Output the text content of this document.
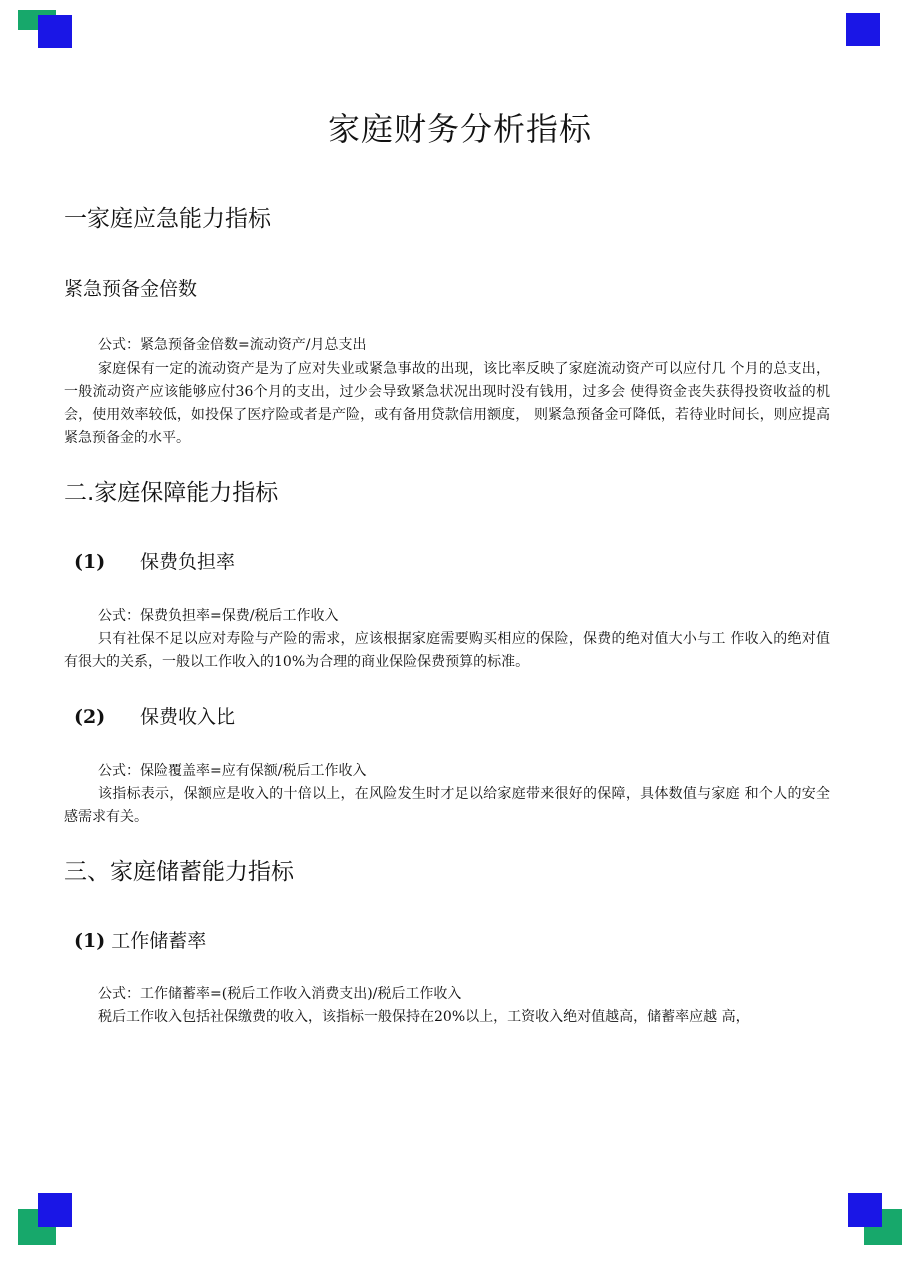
家庭财务分析指标
一家庭应急能力指标
紧急预备金倍数

公式：紧急预备金倍数=流动资产/月总支出

家庭保有一定的流动资产是为了应对失业或紧急事故的出现，该比率反映了家庭流动资产可以应付几 个月的总支出，一般流动资产应该能够应付36个月的支出，过少会导致紧急状况出现时没有钱用，过多会 使得资金丧失获得投资收益的机会，使用效率较低，如投保了医疗险或者是产险，或有备用贷款信用额度， 则紧急预备金可降低，若待业时间长，则应提高紧急预备金的水平。

二.家庭保障能力指标
(1) 保费负担率

公式：保费负担率=保费/税后工作收入

只有社保不足以应对寿险与产险的需求，应该根据家庭需要购买相应的保险，保费的绝对值大小与工 作收入的绝对值有很大的关系，一般以工作收入的10%为合理的商业保险保费预算的标准。

(2) 保费收入比

公式：保险覆盖率=应有保额/税后工作收入

该指标表示，保额应是收入的十倍以上，在风险发生时才足以给家庭带来很好的保障，具体数值与家庭 和个人的安全感需求有关。

三、家庭储蓄能力指标
(1) 工作储蓄率

公式：工作储蓄率=(税后工作收入消费支出)/税后工作收入

税后工作收入包括社保缴费的收入，该指标一般保持在20%以上，工资收入绝对值越高，储蓄率应越 高，
